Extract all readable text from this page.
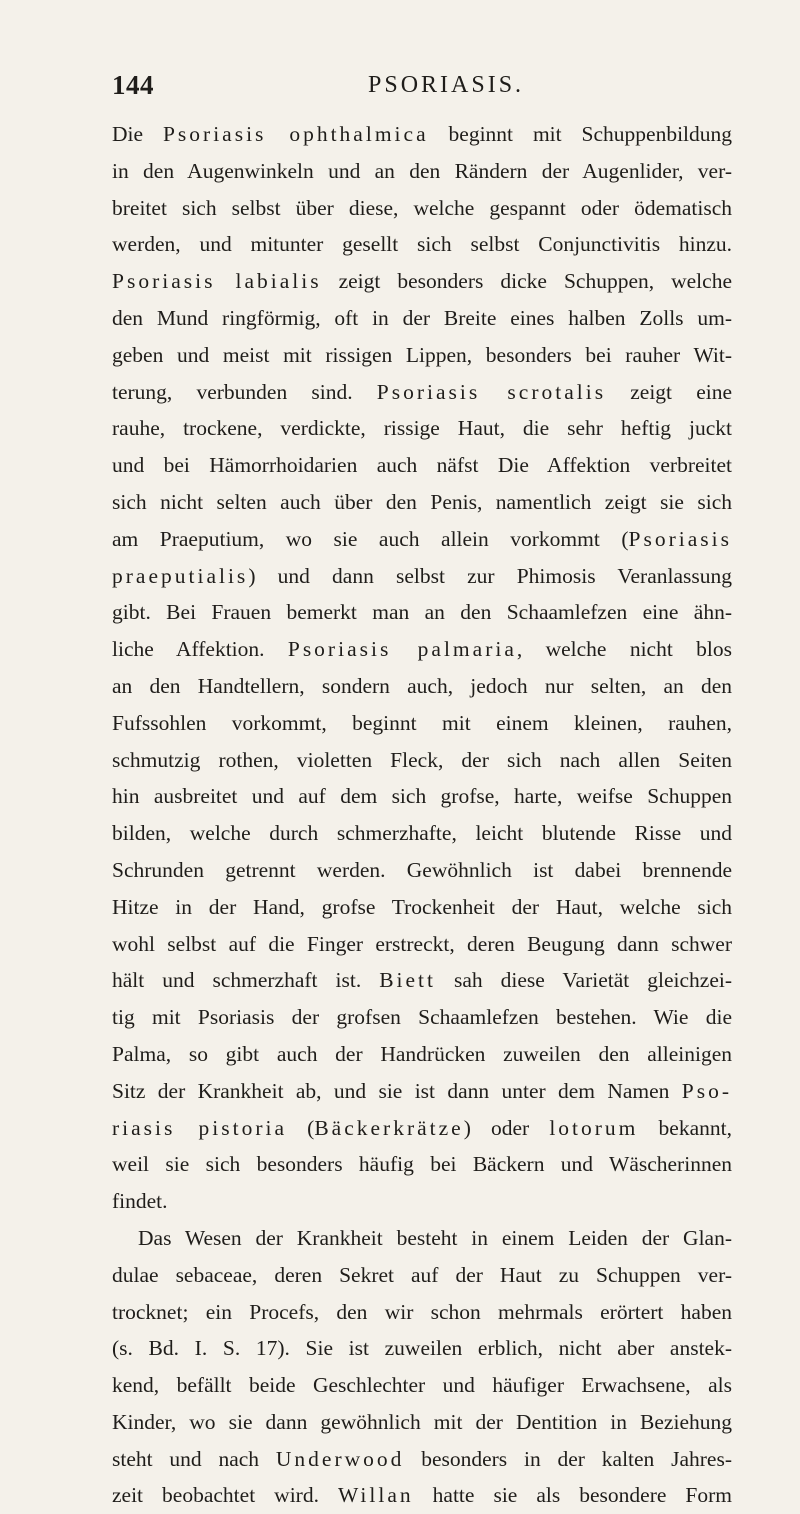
144	PSORIASIS.
Die Psoriasis ophthalmica beginnt mit Schuppenbildung
in den Augenwinkeln und an den Rändern der Augenlider, ver-
breitet sich selbst über diese, welche gespannt oder ödematisch
werden, und mitunter gesellt sich selbst Conjunctivitis hinzu.
Psoriasis labialis zeigt besonders dicke Schuppen, welche
den Mund ringförmig, oft in der Breite eines halben Zolls um-
geben und meist mit rissigen Lippen, besonders bei rauher Wit-
terung, verbunden sind. Psoriasis scrotalis zeigt eine
rauhe, trockene, verdickte, rissige Haut, die sehr heftig juckt
und bei Hämorrhoidarien auch näfst Die Affektion verbreitet
sich nicht selten auch über den Penis, namentlich zeigt sie sich
am Praeputium, wo sie auch allein vorkommt (Psoriasis
praeputialis) und dann selbst zur Phimosis Veranlassung
gibt. Bei Frauen bemerkt man an den Schaamlefzen eine ähn-
liche Affektion. Psoriasis palmaria, welche nicht blos
an den Handtellern, sondern auch, jedoch nur selten, an den
Fufssohlen vorkommt, beginnt mit einem kleinen, rauhen,
schmutzig rothen, violetten Fleck, der sich nach allen Seiten
hin ausbreitet und auf dem sich grofse, harte, weifse Schuppen
bilden, welche durch schmerzhafte, leicht blutende Risse und
Schrunden getrennt werden. Gewöhnlich ist dabei brennende
Hitze in der Hand, grofse Trockenheit der Haut, welche sich
wohl selbst auf die Finger erstreckt, deren Beugung dann schwer
hält und schmerzhaft ist. Biett sah diese Varietät gleichzei-
tig mit Psoriasis der grofsen Schaamlefzen bestehen. Wie die
Palma, so gibt auch der Handrücken zuweilen den alleinigen
Sitz der Krankheit ab, und sie ist dann unter dem Namen Pso-
riasis pistoria (Bäckerkrätze) oder lotorum bekannt,
weil sie sich besonders häufig bei Bäckern und Wäscherinnen
findet.
Das Wesen der Krankheit besteht in einem Leiden der Glan-
dulae sebaceae, deren Sekret auf der Haut zu Schuppen ver-
trocknet; ein Procefs, den wir schon mehrmals erörtert haben
(s. Bd. I. S. 17). Sie ist zuweilen erblich, nicht aber anstek-
kend, befällt beide Geschlechter und häufiger Erwachsene, als
Kinder, wo sie dann gewöhnlich mit der Dentition in Beziehung
steht und nach Underwood besonders in der kalten Jahres-
zeit beobachtet wird. Willan hatte sie als besondere Form
